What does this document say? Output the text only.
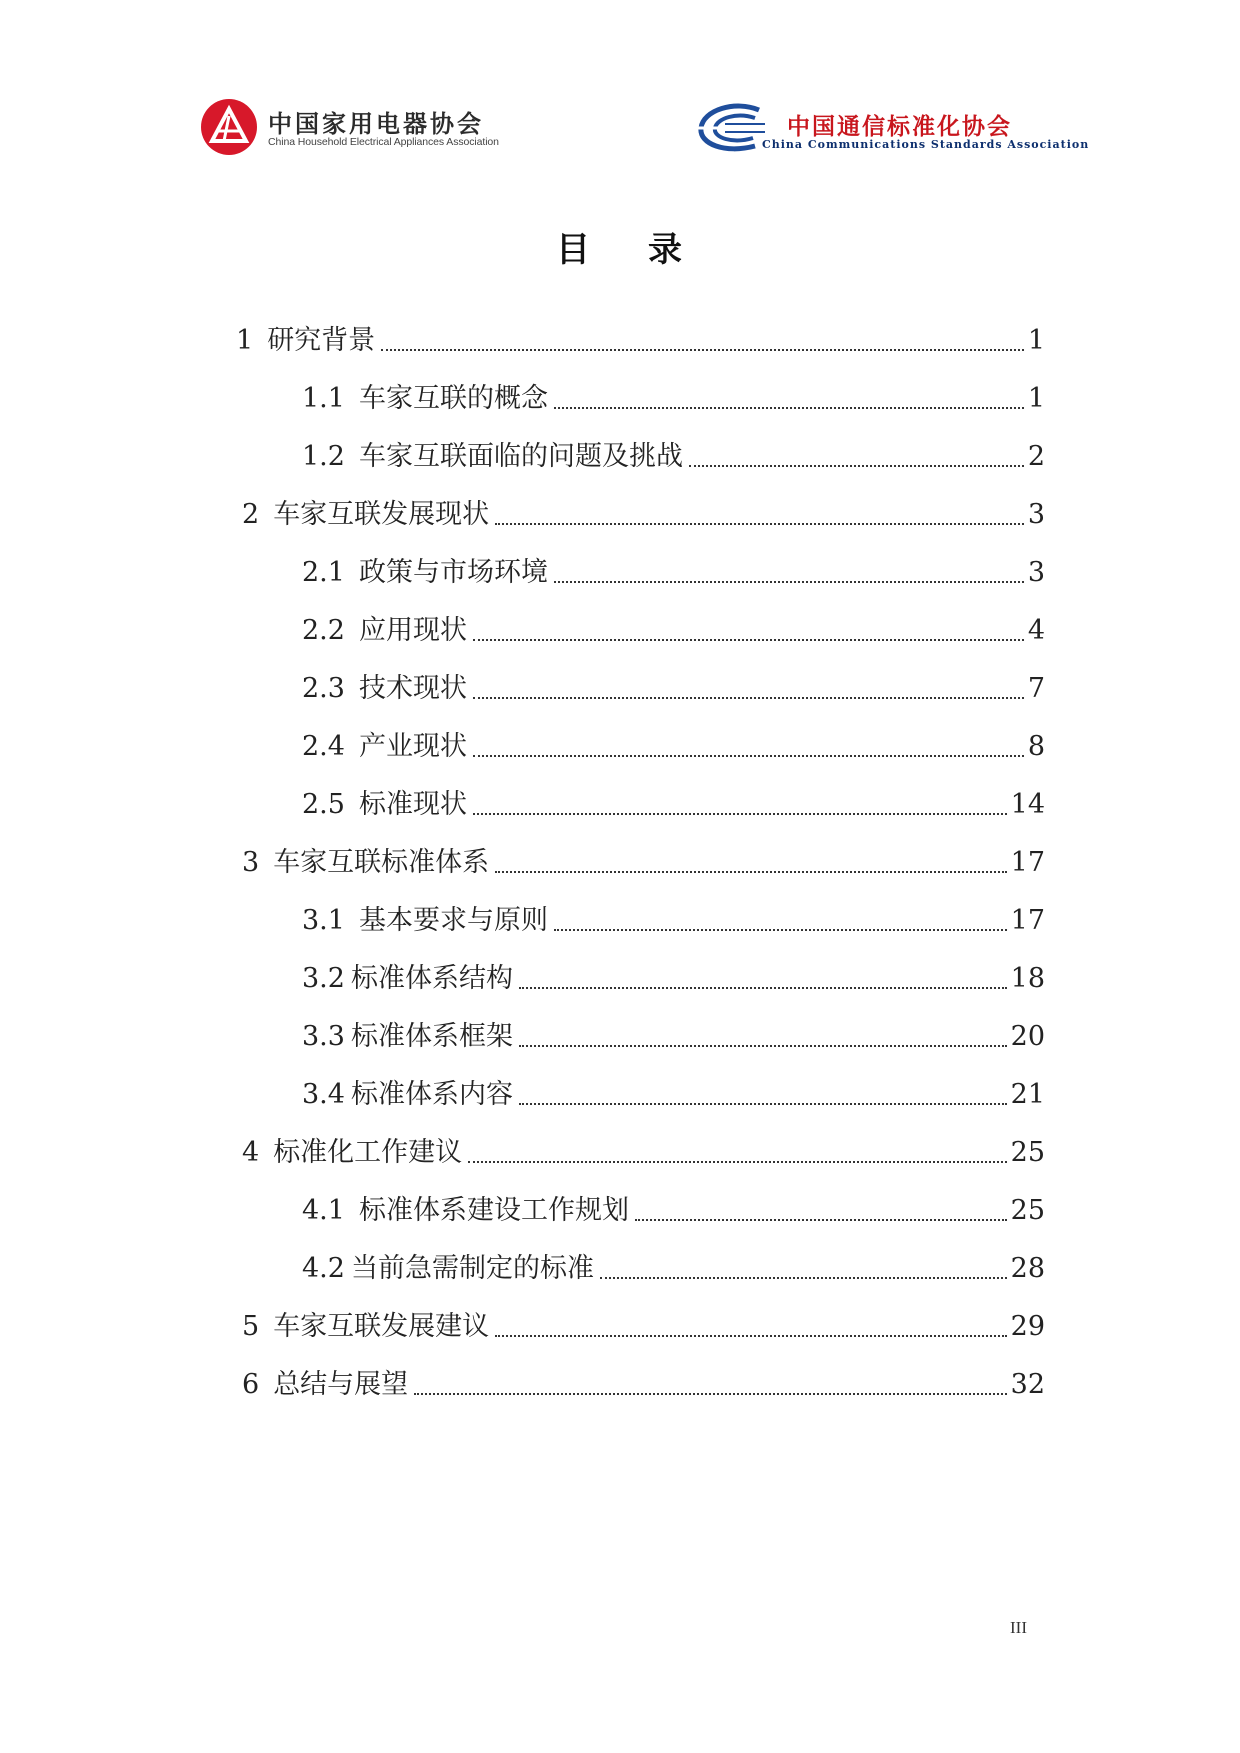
中国家用电器协会
China Household Electrical Appliances Association
中国通信标准化协会
China Communications Standards Association
目 录
1 研究背景	1
1.1 车家互联的概念	1
1.2 车家互联面临的问题及挑战	2
2 车家互联发展现状	3
2.1 政策与市场环境	3
2.2 应用现状	4
2.3 技术现状	7
2.4 产业现状	8
2.5 标准现状	14
3 车家互联标准体系	17
3.1 基本要求与原则	17
3.2 标准体系结构	18
3.3 标准体系框架	20
3.4 标准体系内容	21
4 标准化工作建议	25
4.1 标准体系建设工作规划	25
4.2 当前急需制定的标准	28
5 车家互联发展建议	29
6 总结与展望	32
III
